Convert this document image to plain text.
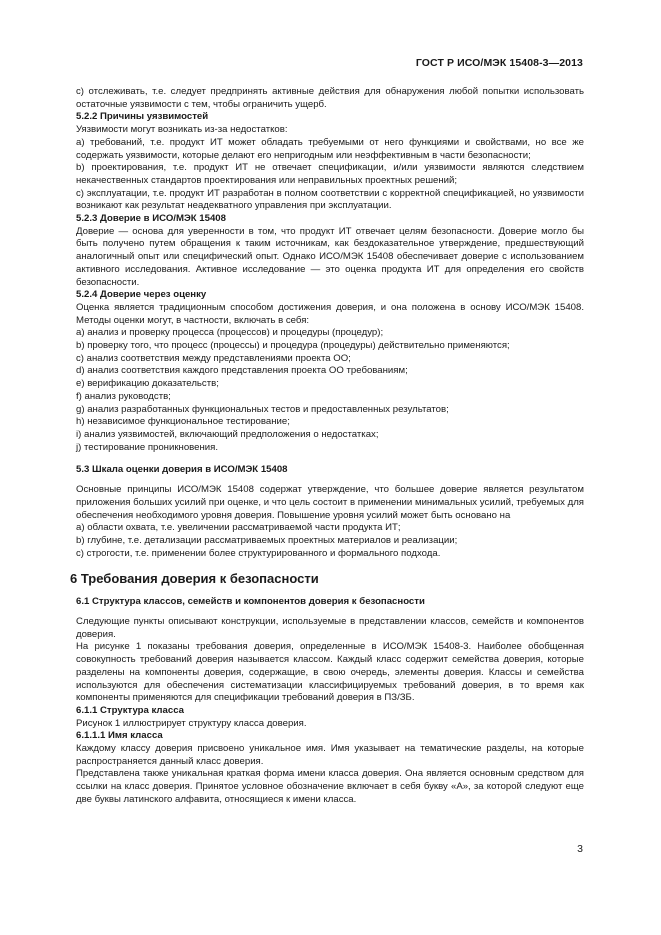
ГОСТ Р ИСО/МЭК 15408-3—2013

c) отслеживать, т.е. следует предпринять активные действия для обнаружения любой попытки использовать остаточные уязвимости с тем, чтобы ограничить ущерб.

5.2.2 Причины уязвимостей

Уязвимости могут возникать из-за недостатков:

a) требований, т.е. продукт ИТ может обладать требуемыми от него функциями и свойствами, но все же содержать уязвимости, которые делают его непригодным или неэффективным в части безопасности;

b) проектирования, т.е. продукт ИТ не отвечает спецификации, и/или уязвимости являются следствием некачественных стандартов проектирования или неправильных проектных решений;

c) эксплуатации, т.е. продукт ИТ разработан в полном соответствии с корректной спецификацией, но уязвимости возникают как результат неадекватного управления при эксплуатации.

5.2.3 Доверие в ИСО/МЭК 15408

Доверие — основа для уверенности в том, что продукт ИТ отвечает целям безопасности. Доверие могло бы быть получено путем обращения к таким источникам, как бездоказательное утверждение, предшествующий аналогичный опыт или специфический опыт. Однако ИСО/МЭК 15408 обеспечивает доверие с использованием активного исследования. Активное исследование — это оценка продукта ИТ для определения его свойств безопасности.

5.2.4 Доверие через оценку

Оценка является традиционным способом достижения доверия, и она положена в основу ИСО/МЭК 15408. Методы оценки могут, в частности, включать в себя:

a) анализ и проверку процесса (процессов) и процедуры (процедур);

b) проверку того, что процесс (процессы) и процедура (процедуры) действительно применяются;

c) анализ соответствия между представлениями проекта ОО;

d) анализ соответствия каждого представления проекта ОО требованиям;

e) верификацию доказательств;

f) анализ руководств;

g) анализ разработанных функциональных тестов и предоставленных результатов;

h) независимое функциональное тестирование;

i) анализ уязвимостей, включающий предположения о недостатках;

j) тестирование проникновения.

5.3 Шкала оценки доверия в ИСО/МЭК 15408

Основные принципы ИСО/МЭК 15408 содержат утверждение, что большее доверие является результатом приложения больших усилий при оценке, и что цель состоит в применении минимальных усилий, требуемых для обеспечения необходимого уровня доверия. Повышение уровня усилий может быть основано на

a) области охвата, т.е. увеличении рассматриваемой части продукта ИТ;

b) глубине, т.е. детализации рассматриваемых проектных материалов и реализации;

c) строгости, т.е. применении более структурированного и формального подхода.

6 Требования доверия к безопасности

6.1 Структура классов, семейств и компонентов доверия к безопасности

Следующие пункты описывают конструкции, используемые в представлении классов, семейств и компонентов доверия.

На рисунке 1 показаны требования доверия, определенные в ИСО/МЭК 15408-3. Наиболее обобщенная совокупность требований доверия называется классом. Каждый класс содержит семейства доверия, которые разделены на компоненты доверия, содержащие, в свою очередь, элементы доверия. Классы и семейства используются для обеспечения систематизации классифицируемых требований доверия, в то время как компоненты применяются для спецификации требований доверия в ПЗ/ЗБ.

6.1.1 Структура класса

Рисунок 1 иллюстрирует структуру класса доверия.

6.1.1.1 Имя класса

Каждому классу доверия присвоено уникальное имя. Имя указывает на тематические разделы, на которые распространяется данный класс доверия.

Представлена также уникальная краткая форма имени класса доверия. Она является основным средством для ссылки на класс доверия. Принятое условное обозначение включает в себя букву «А», за которой следуют еще две буквы латинского алфавита, относящиеся к имени класса.

3
